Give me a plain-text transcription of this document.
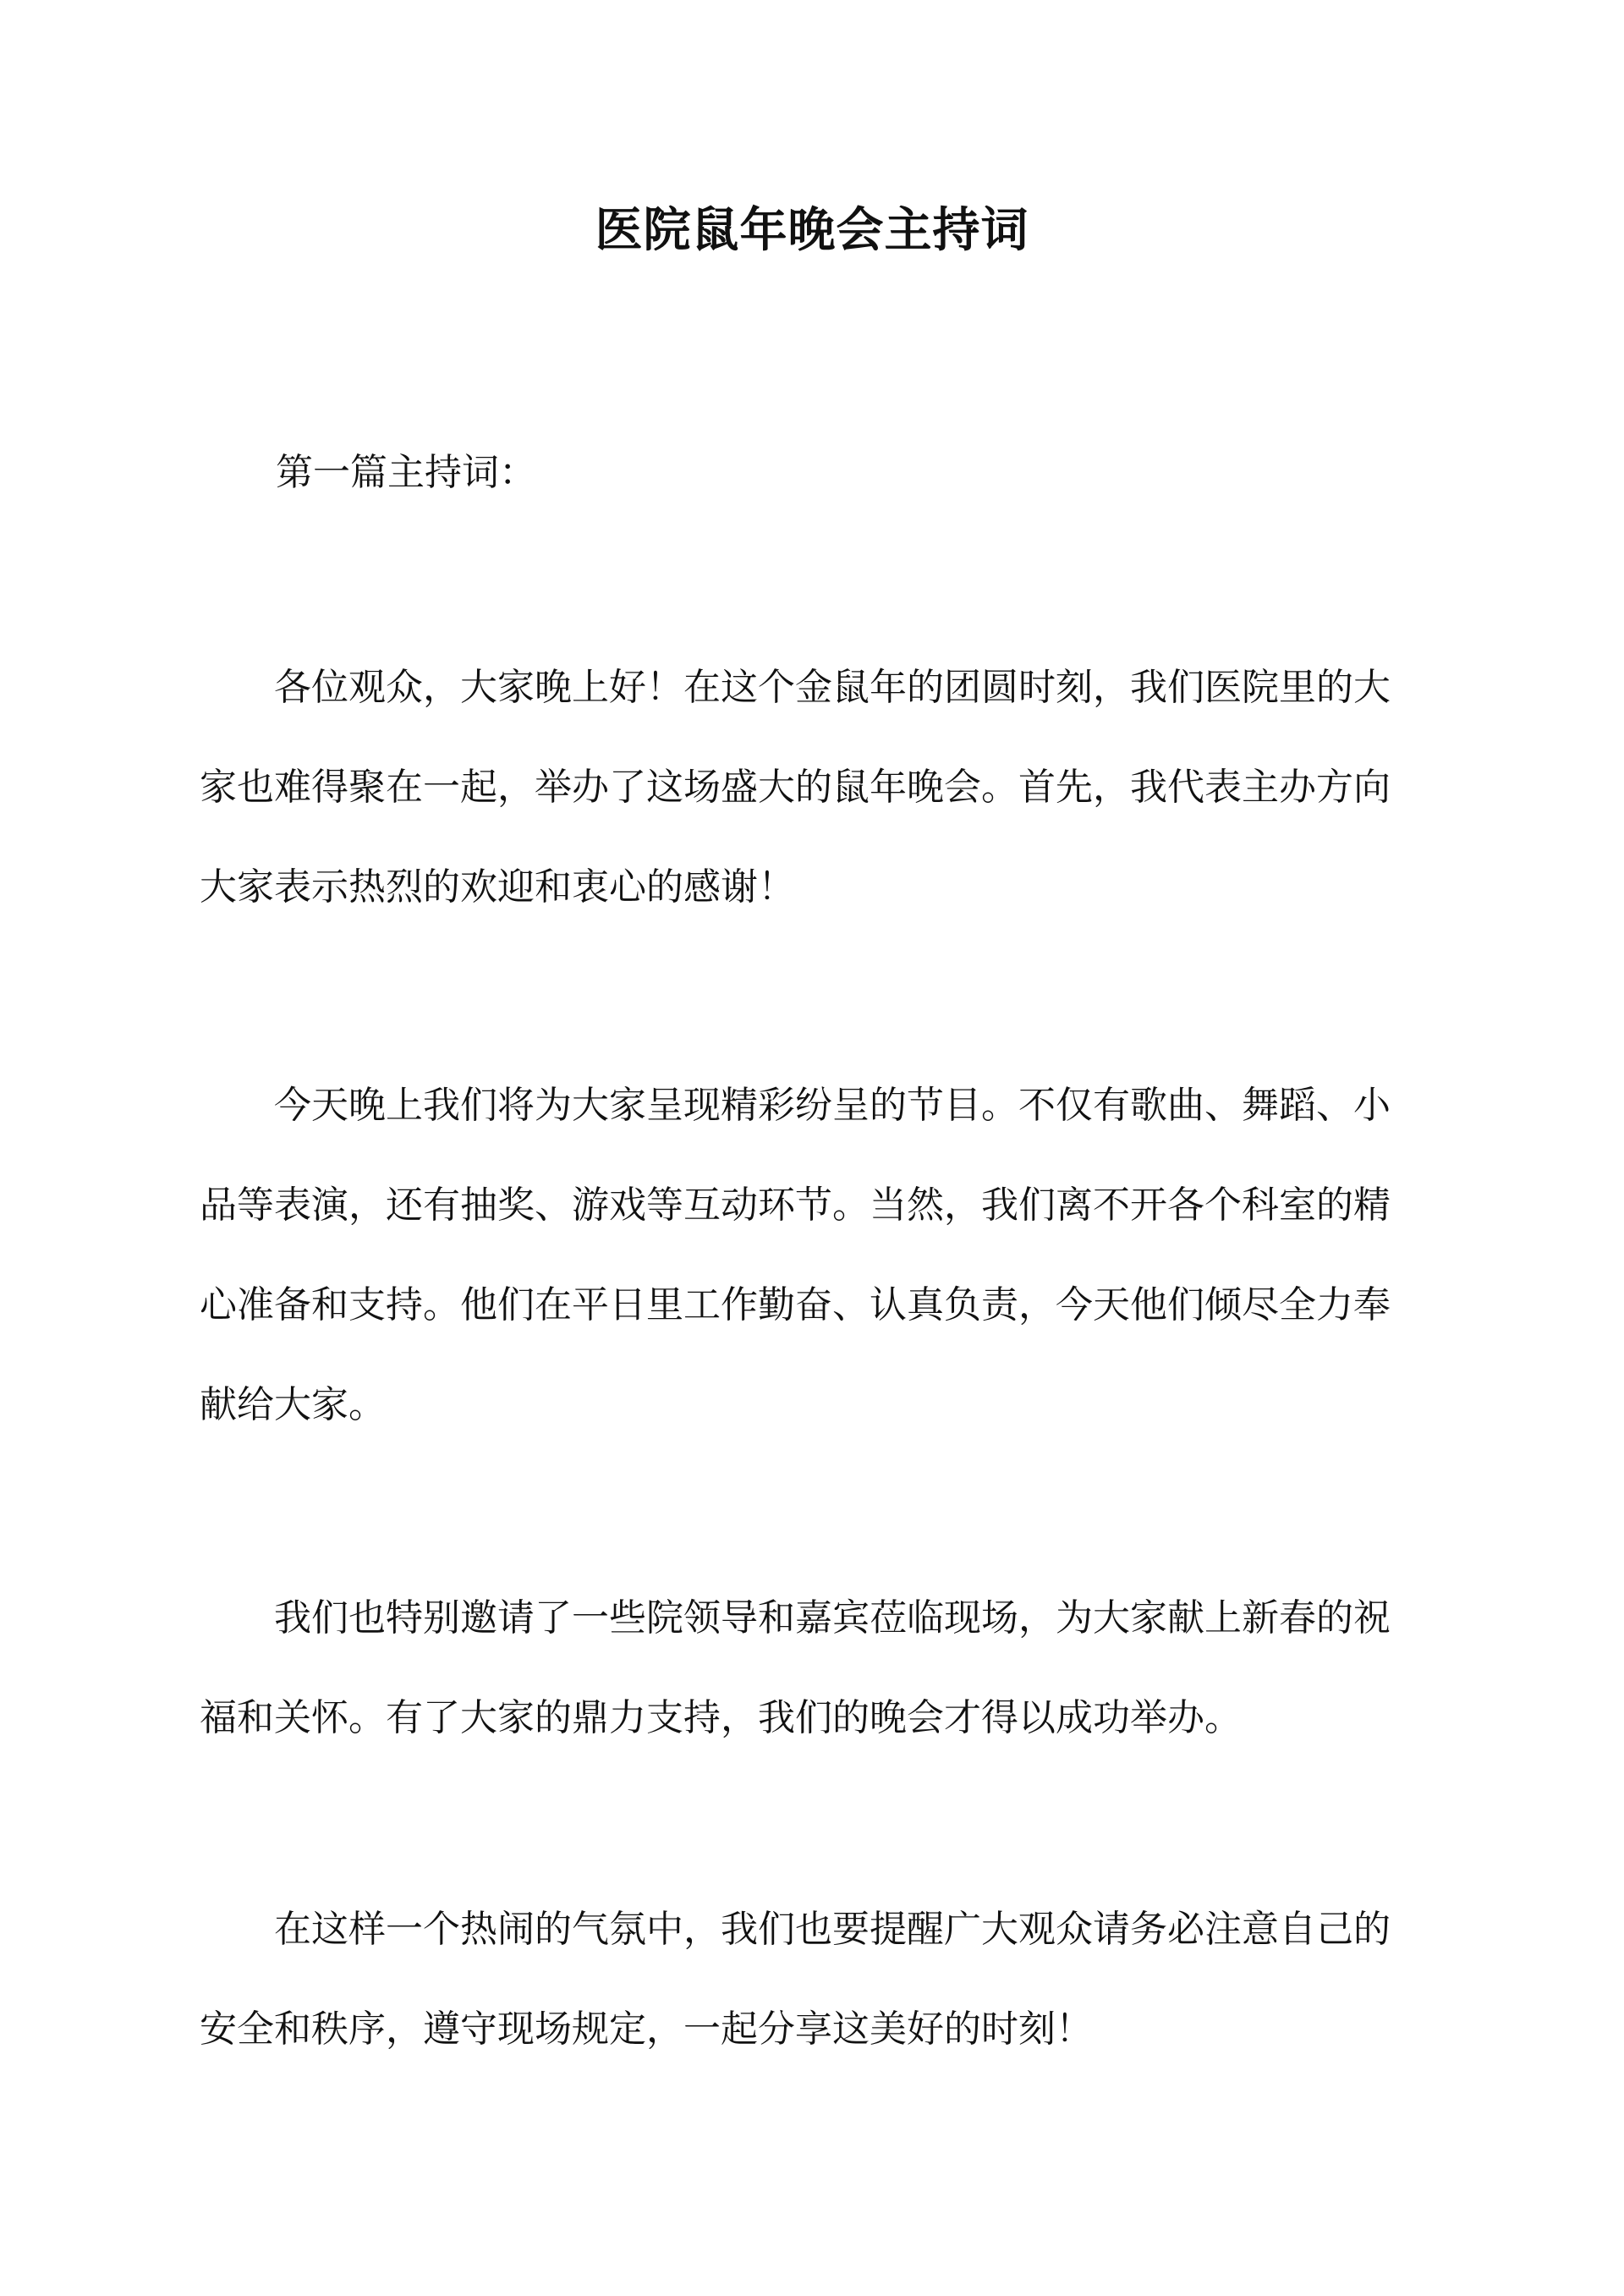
医院鼠年晚会主持词
第一篇主持词：

各位观众，大家晚上好！在这个金鼠年的团圆时刻，我们医院里的大家也难得聚在一起，举办了这场盛大的鼠年晚会。首先，我代表主办方向大家表示热烈的欢迎和衷心的感谢！

今天晚上我们将为大家呈现精彩纷呈的节目。不仅有歌曲、舞蹈、小品等表演，还有抽奖、游戏等互动环节。当然，我们离不开各个科室的精心准备和支持。他们在平日里工作勤奋、认真负责，今天他们倾尽全力奉献给大家。

我们也特别邀请了一些院领导和嘉宾莅临现场，为大家献上新春的祝福和关怀。有了大家的鼎力支持，我们的晚会才得以成功举办。

在这样一个热闹的气氛中，我们也要提醒广大观众请务必注意自己的安全和秩序，遵守现场规定，一起分享这美好的时刻！
